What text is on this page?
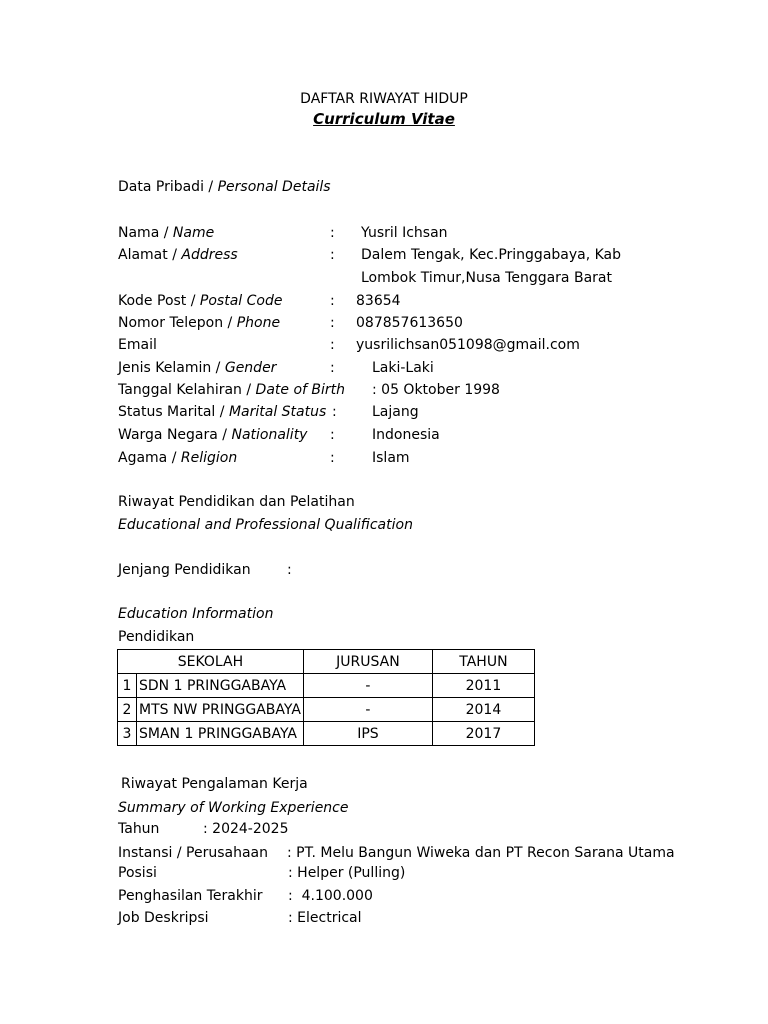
DAFTAR RIWAYAT HIDUP
Curriculum Vitae
Data Pribadi / Personal Details
Nama / Name	: Yusril Ichsan
Alamat / Address	: Dalem Tengak, Kec.Pringgabaya, Kab
Lombok Timur,Nusa Tenggara Barat
Kode Post / Postal Code	: 83654
Nomor Telepon / Phone	: 087857613650
Email	: yusrilichsan051098@gmail.com
Jenis Kelamin / Gender	:	Laki-Laki
Tanggal Kelahiran / Date of Birth : 05 Oktober 1998
Status Marital / Marital Status :	Lajang
Warga Negara / Nationality :	Indonesia
Agama / Religion	:	Islam
Riwayat Pendidikan dan Pelatihan
Educational and Professional Qualification
Jenjang Pendidikan	:
Education Information
Pendidikan
SEKOLAH		JURUSAN	TAHUN
1	SDN 1 PRINGGABAYA	-	2011
2	MTS NW PRINGGABAYA	-	2014
3	SMAN 1 PRINGGABAYA	IPS	2017
Riwayat Pengalaman Kerja
Summary of Working Experience
Tahun	: 2024-2025
Instansi / Perusahaan : PT. Melu Bangun Wiweka dan PT Recon Sarana Utama
Posisi	: Helper (Pulling)
Penghasilan Terakhir :  4.100.000
Job Deskripsi	: Electrical
